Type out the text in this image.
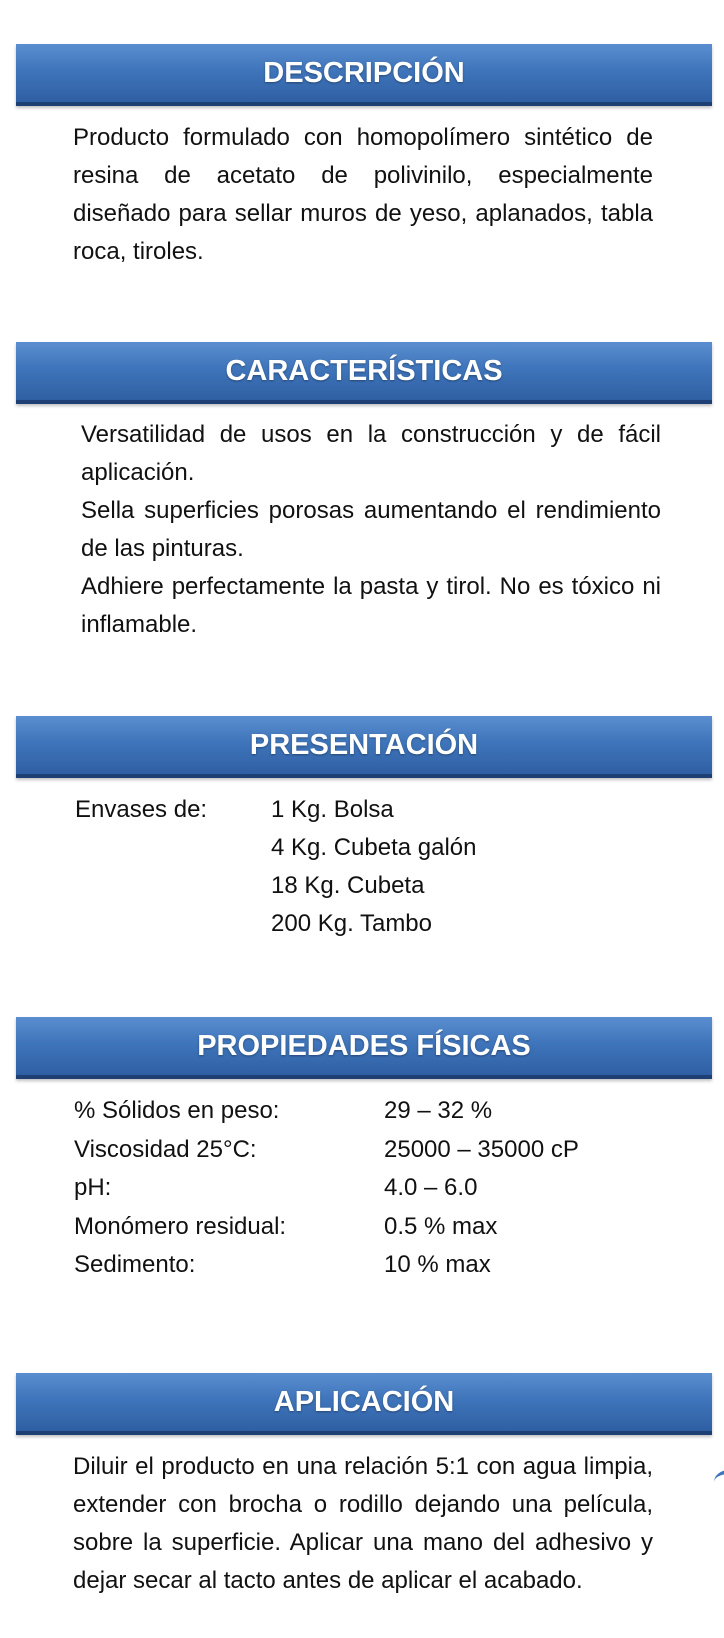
DESCRIPCIÓN

Producto formulado con homopolímero sintético de resina de acetato de polivinilo, especialmente diseñado para sellar muros de yeso, aplanados, tabla roca, tiroles.

CARACTERÍSTICAS

Versatilidad de usos en la construcción y de fácil aplicación.

Sella superficies porosas aumentando el rendimiento de las pinturas.

Adhiere perfectamente la pasta y tirol. No es tóxico ni inflamable.

PRESENTACIÓN
Envases de:	1 Kg. Bolsa
4 Kg. Cubeta galón
18 Kg. Cubeta
200 Kg. Tambo
PROPIEDADES FÍSICAS
% Sólidos en peso:	29 – 32 %
Viscosidad 25°C:	25000 – 35000 cP
pH:	4.0 – 6.0
Monómero residual:	0.5 % max
Sedimento:	10 % max
APLICACIÓN

Diluir el producto en una relación 5:1 con agua limpia, extender con brocha o rodillo dejando una película, sobre la superficie. Aplicar una mano del adhesivo y dejar secar al tacto antes de aplicar el acabado.
